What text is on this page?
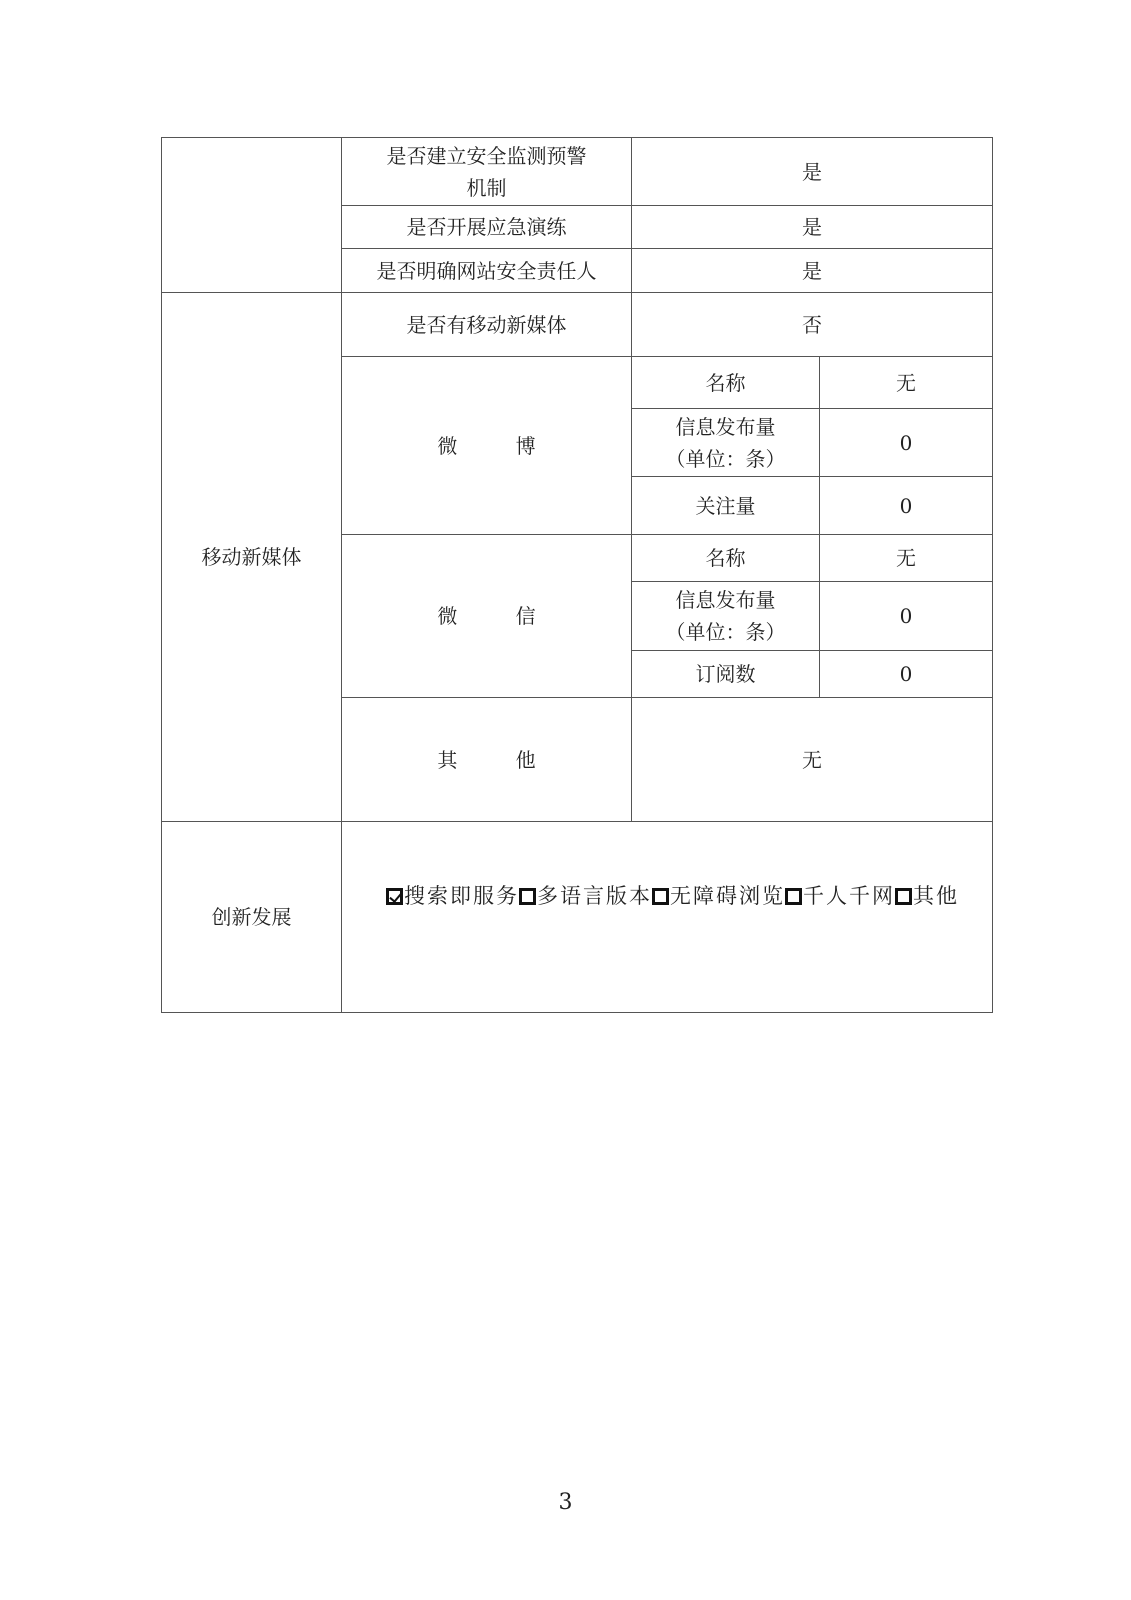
	是否建立安全监测预警机制	是	
	是否开展应急演练	是	
	是否明确网站安全责任人	是	
移动新媒体	是否有移动新媒体	否	
	微 博	名称	无
		信息发布量（单位：条）	0
		关注量	0
	微 信	名称	无
		信息发布量（单位：条）	0
		订阅数	0
	其 他	无	
创新发展	搜索即服务 多语言版本 无障碍浏览 千人千网 其他		
3
